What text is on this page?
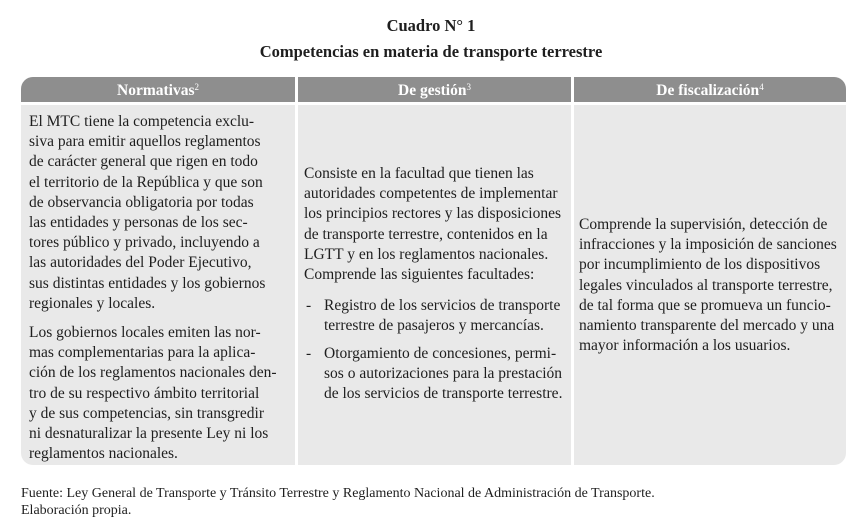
Cuadro N° 1
Competencias en materia de transporte terrestre
Normativas$^2$	De gestión$^3$	De fiscalización$^4$
El MTC tiene la competencia exclu-
siva para emitir aquellos reglamentos
de carácter general que rigen en todo
el territorio de la República y que son
de observancia obligatoria por todas
las entidades y personas de los sec-
tores público y privado, incluyendo a
las autoridades del Poder Ejecutivo,
sus distintas entidades y los gobiernos
regionales y locales.
Los gobiernos locales emiten las nor-
mas complementarias para la aplica-
ción de los reglamentos nacionales den-
tro de su respectivo ámbito territorial
y de sus competencias, sin transgredir
ni desnaturalizar la presente Ley ni los
reglamentos nacionales.
Consiste en la facultad que tienen las
autoridades competentes de implementar
los principios rectores y las disposiciones
de transporte terrestre, contenidos en la
LGTT y en los reglamentos nacionales.
Comprende las siguientes facultades:
- Registro de los servicios de transporte
terrestre de pasajeros y mercancías.
- Otorgamiento de concesiones, permi-
sos o autorizaciones para la prestación
de los servicios de transporte terrestre.
Comprende la supervisión, detección de
infracciones y la imposición de sanciones
por incumplimiento de los dispositivos
legales vinculados al transporte terrestre,
de tal forma que se promueva un funcio-
namiento transparente del mercado y una
mayor información a los usuarios.
Fuente: Ley General de Transporte y Tránsito Terrestre y Reglamento Nacional de Administración de Transporte.
Elaboración propia.
